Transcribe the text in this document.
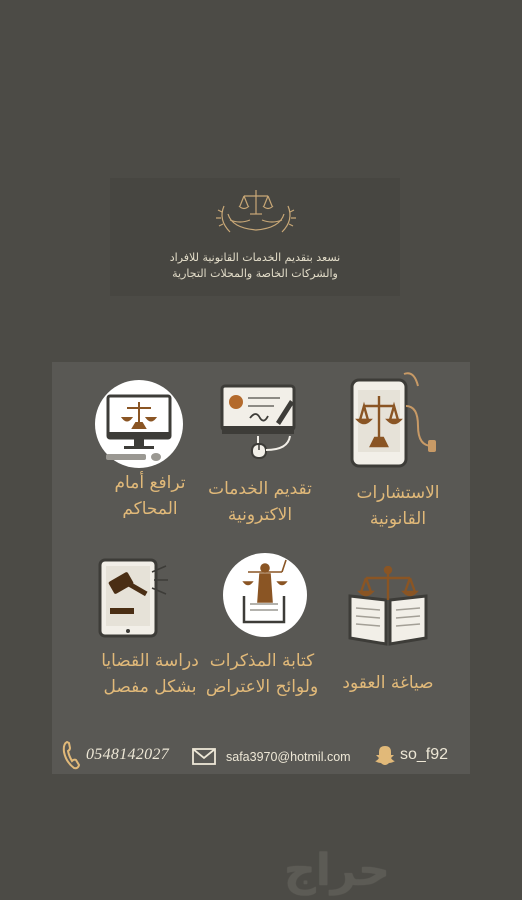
نسعد بتقديم الخدمات القانونية للافراد
والشركات الخاصة والمحلات التجارية
الاستشارات
القانونية
تقديم الخدمات
الاكترونية
ترافع أمام
المحاكم
صياغة العقود
كتابة المذكرات
ولوائح الاعتراض
دراسة القضايا
بشكل مفصل
0548142027	safa3970@hotmil.com	so_f92
حراج
